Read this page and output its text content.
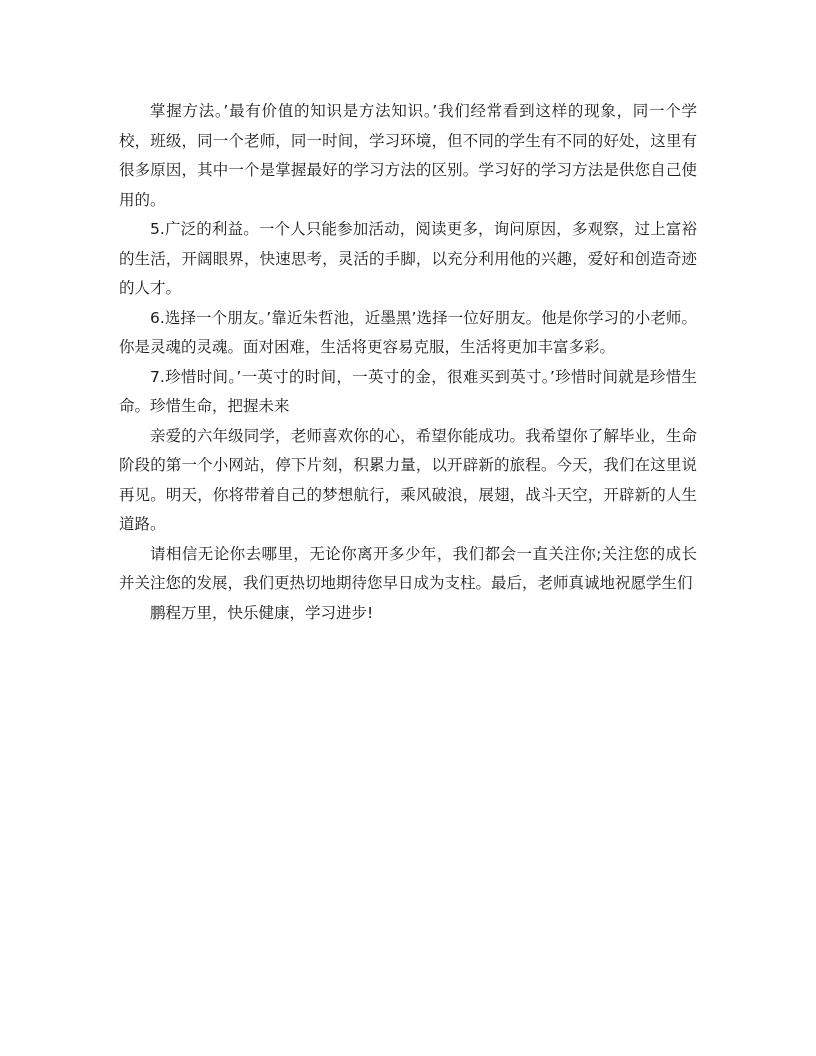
掌握方法。’最有价值的知识是方法知识。’我们经常看到这样的现象，同一个学校，班级，同一个老师，同一时间，学习环境，但不同的学生有不同的好处，这里有很多原因，其中一个是掌握最好的学习方法的区别。学习好的学习方法是供您自己使用的。

5.广泛的利益。一个人只能参加活动，阅读更多，询问原因，多观察，过上富裕的生活，开阔眼界，快速思考，灵活的手脚，以充分利用他的兴趣，爱好和创造奇迹的人才。

6.选择一个朋友。’靠近朱哲池，近墨黑’选择一位好朋友。他是你学习的小老师。你是灵魂的灵魂。面对困难，生活将更容易克服，生活将更加丰富多彩。

7.珍惜时间。’一英寸的时间，一英寸的金，很难买到英寸。’珍惜时间就是珍惜生命。珍惜生命，把握未来

亲爱的六年级同学，老师喜欢你的心，希望你能成功。我希望你了解毕业，生命阶段的第一个小网站，停下片刻，积累力量，以开辟新的旅程。今天，我们在这里说再见。明天，你将带着自己的梦想航行，乘风破浪，展翅，战斗天空，开辟新的人生道路。

请相信无论你去哪里，无论你离开多少年，我们都会一直关注你;关注您的成长并关注您的发展，我们更热切地期待您早日成为支柱。最后，老师真诚地祝愿学生们

鹏程万里，快乐健康，学习进步!
